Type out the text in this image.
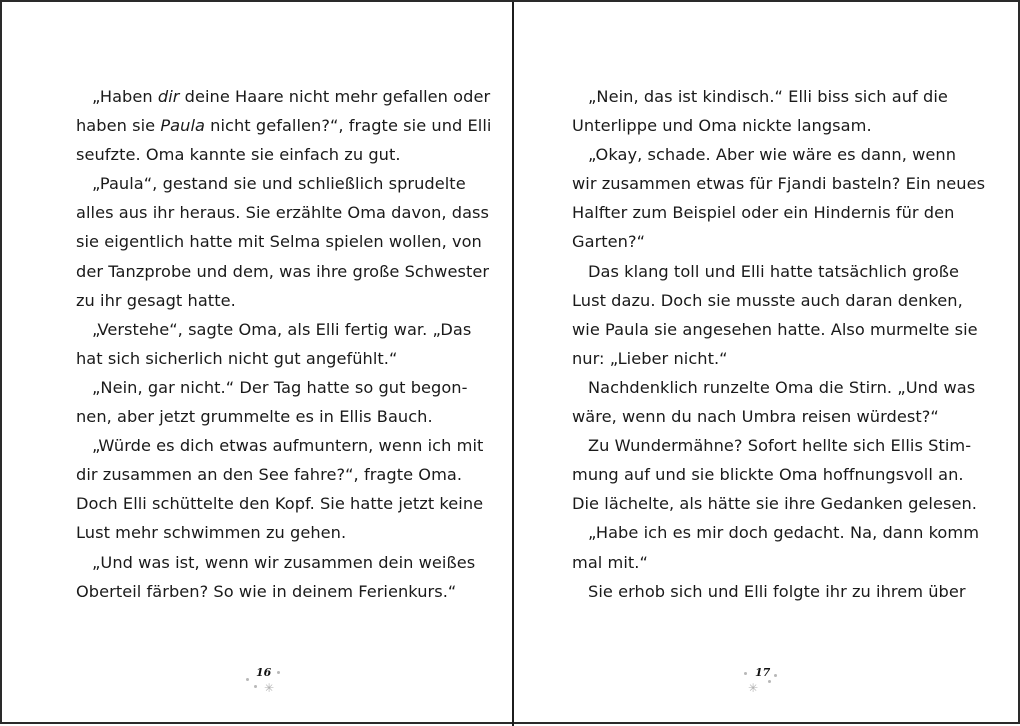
„Haben dir deine Haare nicht mehr gefallen oder
haben sie Paula nicht gefallen?“, fragte sie und Elli
seufzte. Oma kannte sie einfach zu gut.
„Paula“, gestand sie und schließlich sprudelte
alles aus ihr heraus. Sie erzählte Oma davon, dass
sie eigentlich hatte mit Selma spielen wollen, von
der Tanzprobe und dem, was ihre große Schwester
zu ihr gesagt hatte.
„Verstehe“, sagte Oma, als Elli fertig war. „Das
hat sich sicherlich nicht gut angefühlt.“
„Nein, gar nicht.“ Der Tag hatte so gut begon-
nen, aber jetzt grummelte es in Ellis Bauch.
„Würde es dich etwas aufmuntern, wenn ich mit
dir zusammen an den See fahre?“, fragte Oma.
Doch Elli schüttelte den Kopf. Sie hatte jetzt keine
Lust mehr schwimmen zu gehen.
„Und was ist, wenn wir zusammen dein weißes
Oberteil färben? So wie in deinem Ferienkurs.“
16
✳
„Nein, das ist kindisch.“ Elli biss sich auf die
Unterlippe und Oma nickte langsam.
„Okay, schade. Aber wie wäre es dann, wenn
wir zusammen etwas für Fjandi basteln? Ein neues
Halfter zum Beispiel oder ein Hindernis für den
Garten?“
Das klang toll und Elli hatte tatsächlich große
Lust dazu. Doch sie musste auch daran denken,
wie Paula sie angesehen hatte. Also murmelte sie
nur: „Lieber nicht.“
Nachdenklich runzelte Oma die Stirn. „Und was
wäre, wenn du nach Umbra reisen würdest?“
Zu Wundermähne? Sofort hellte sich Ellis Stim-
mung auf und sie blickte Oma hoffnungsvoll an.
Die lächelte, als hätte sie ihre Gedanken gelesen.
„Habe ich es mir doch gedacht. Na, dann komm
mal mit.“
Sie erhob sich und Elli folgte ihr zu ihrem über
17
✳
